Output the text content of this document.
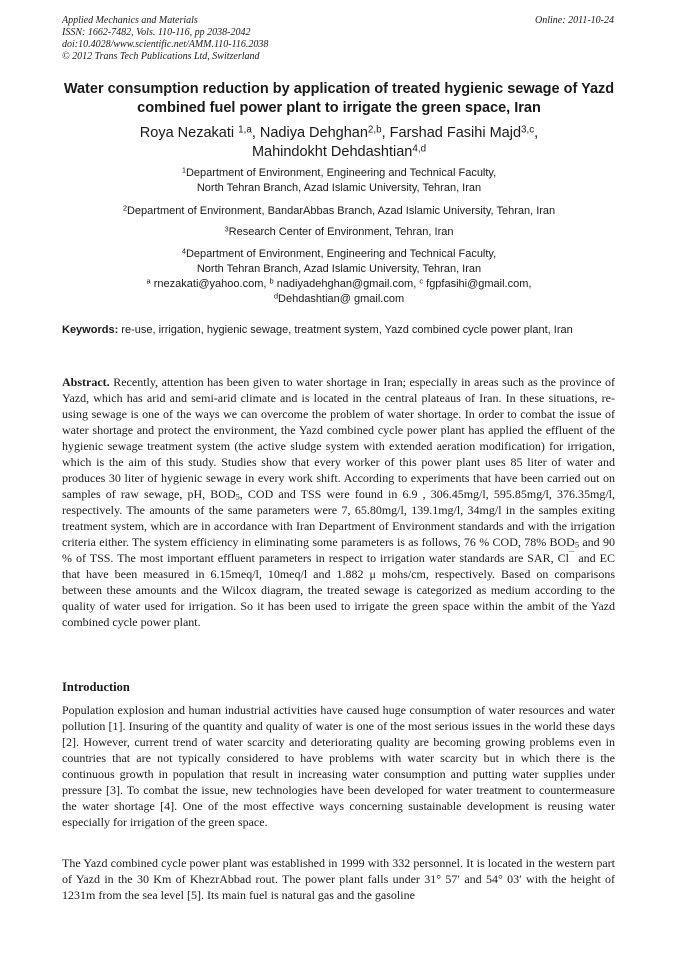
Applied Mechanics and Materials
ISSN: 1662-7482, Vols. 110-116, pp 2038-2042
doi:10.4028/www.scientific.net/AMM.110-116.2038
© 2012 Trans Tech Publications Ltd, Switzerland
Online: 2011-10-24
Water consumption reduction by application of treated hygienic sewage of Yazd combined fuel power plant to irrigate the green space, Iran
Roya Nezakati $^{1,a}$, Nadiya Dehghan$^{2,b}$, Farshad Fasihi Majd$^{3,c}$,
Mahindokht Dehdashtian$^{4,d}$
$^1$Department of Environment, Engineering and Technical Faculty,
North Tehran Branch, Azad Islamic University, Tehran, Iran
$^2$Department of Environment, BandarAbbas Branch, Azad Islamic University, Tehran, Iran
$^3$Research Center of Environment, Tehran, Iran
$^4$Department of Environment, Engineering and Technical Faculty,
North Tehran Branch, Azad Islamic University, Tehran, Iran
$^a$ rnezakati@yahoo.com, $^b$ nadiyadehghan@gmail.com, $^c$ fgpfasihi@gmail.com,
$^d$Dehdashtian@ gmail.com
Keywords: re-use, irrigation, hygienic sewage, treatment system, Yazd combined cycle power plant, Iran
Abstract. Recently, attention has been given to water shortage in Iran; especially in areas such as the province of Yazd, which has arid and semi-arid climate and is located in the central plateaus of Iran. In these situations, re-using sewage is one of the ways we can overcome the problem of water shortage. In order to combat the issue of water shortage and protect the environment, the Yazd combined cycle power plant has applied the effluent of the hygienic sewage treatment system (the active sludge system with extended aeration modification) for irrigation, which is the aim of this study. Studies show that every worker of this power plant uses 85 liter of water and produces 30 liter of hygienic sewage in every work shift. According to experiments that have been carried out on samples of raw sewage, pH, $BOD_5$, COD and TSS were found in 6.9 , 306.45mg/l, 595.85mg/l, 376.35mg/l, respectively. The amounts of the same parameters were 7, 65.80mg/l, 139.1mg/l, 34mg/l in the samples exiting treatment system, which are in accordance with Iran Department of Environment standards and with the irrigation criteria either. The system efficiency in eliminating some parameters is as follows, 76 % COD, 78% $BOD_5$ and 90 % of TSS. The most important effluent parameters in respect to irrigation water standards are SAR, Cl‾‾ and EC that have been measured in 6.15meq/l, 10meq/l and 1.882 μ mohs/cm, respectively. Based on comparisons between these amounts and the Wilcox diagram, the treated sewage is categorized as medium according to the quality of water used for irrigation. So it has been used to irrigate the green space within the ambit of the Yazd combined cycle power plant.
Introduction
Population explosion and human industrial activities have caused huge consumption of water resources and water pollution [1]. Insuring of the quantity and quality of water is one of the most serious issues in the world these days [2]. However, current trend of water scarcity and deteriorating quality are becoming growing problems even in countries that are not typically considered to have problems with water scarcity but in which there is the continuous growth in population that result in increasing water consumption and putting water supplies under pressure [3]. To combat the issue, new technologies have been developed for water treatment to countermeasure the water shortage [4]. One of the most effective ways concerning sustainable development is reusing water especially for irrigation of the green space.
The Yazd combined cycle power plant was established in 1999 with 332 personnel. It is located in the western part of Yazd in the 30 Km of KhezrAbbad rout. The power plant falls under 31° 57′ and 54° 03′ with the height of 1231m from the sea level [5]. Its main fuel is natural gas and the gasoline
